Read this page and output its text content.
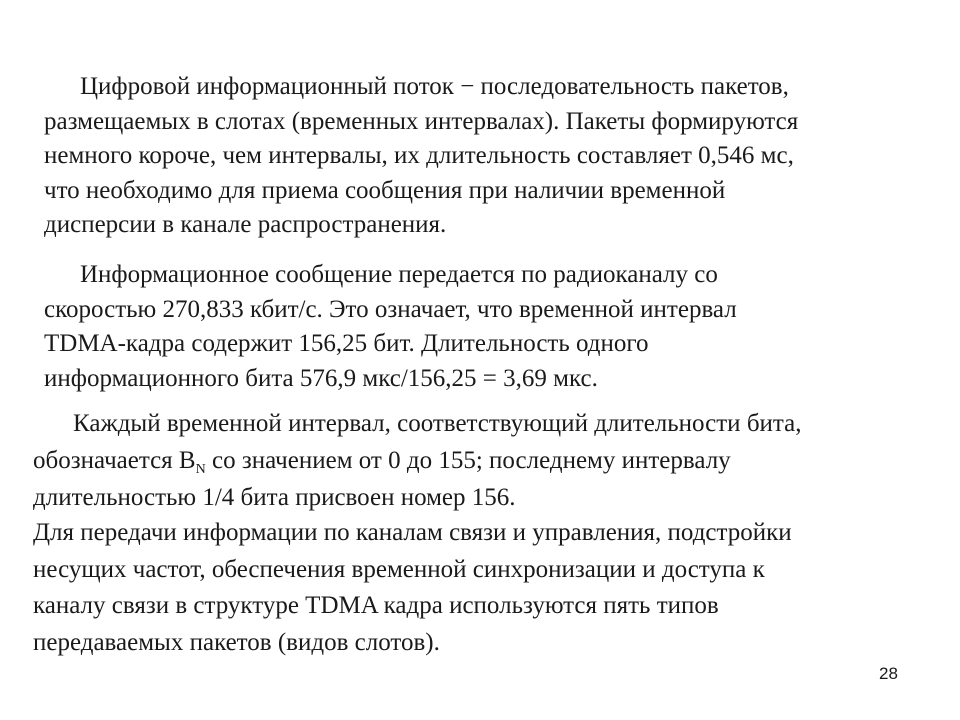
Цифровой информационный поток − последовательность пакетов,
размещаемых в слотах (временных интервалах). Пакеты формируются
немного короче, чем интервалы, их длительность составляет 0,546 мс,
что необходимо для приема сообщения при наличии временной
дисперсии в канале распространения.
Информационное сообщение передается по радиоканалу со
скоростью 270,833 кбит/с. Это означает, что временной интервал
TDMA-кадра содержит 156,25 бит. Длительность одного
информационного бита 576,9 мкс/156,25 = 3,69 мкс.
Каждый временной интервал, соответствующий длительности бита,
обозначается $B_N$ со значением от 0 до 155; последнему интервалу
длительностью 1/4 бита присвоен номер 156.
Для передачи информации по каналам связи и управления, подстройки
несущих частот, обеспечения временной синхронизации и доступа к
каналу связи в структуре TDMA кадра используются пять типов
передаваемых пакетов (видов слотов).
28
